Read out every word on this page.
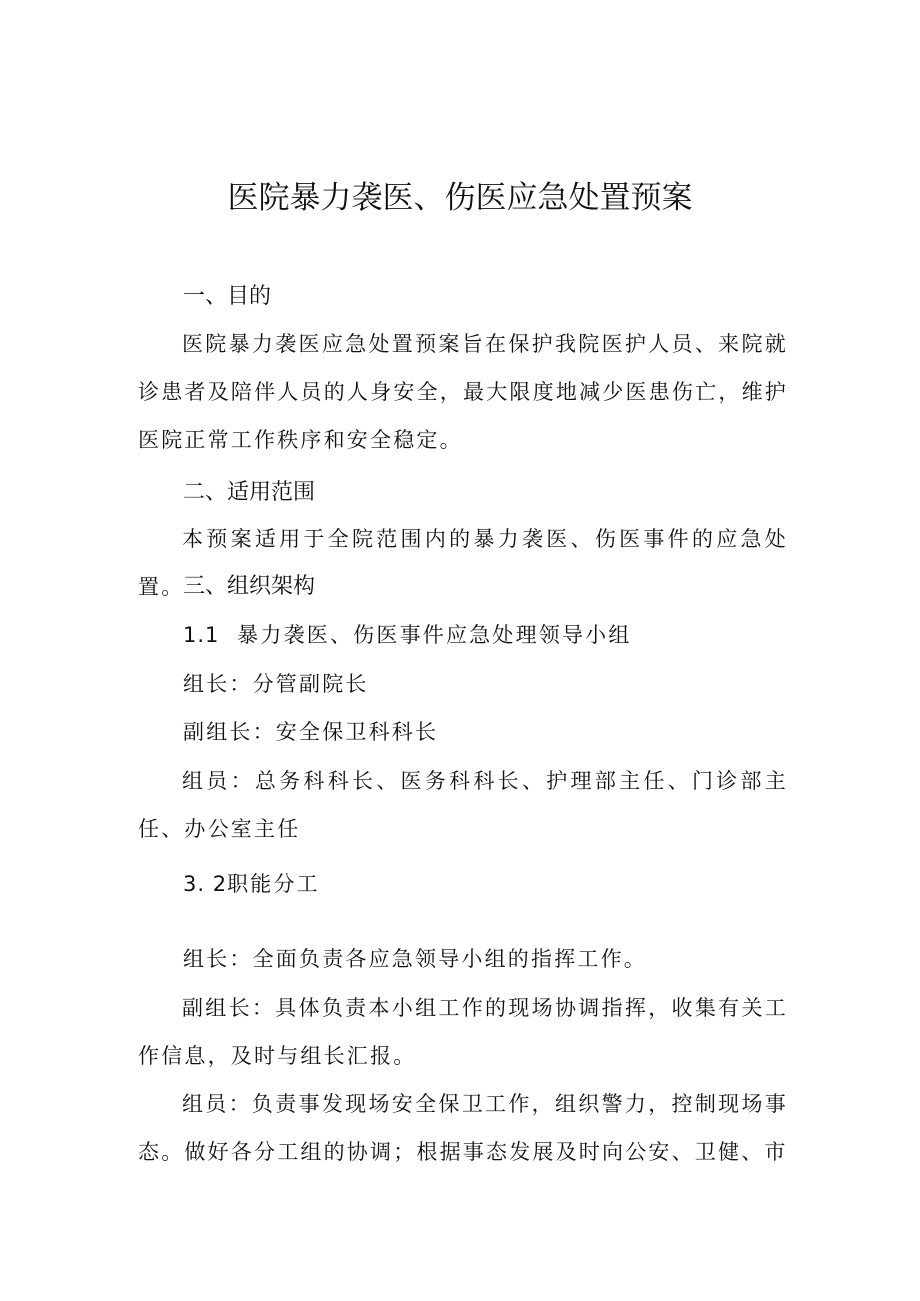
医院暴力袭医、伤医应急处置预案
一、目的
医院暴力袭医应急处置预案旨在保护我院医护人员、来院就诊患者及陪伴人员的人身安全，最大限度地减少医患伤亡，维护医院正常工作秩序和安全稳定。
二、适用范围
本预案适用于全院范围内的暴力袭医、伤医事件的应急处置。
三、组织架构
1.1 暴力袭医、伤医事件应急处理领导小组
组长：分管副院长
副组长：安全保卫科科长
组员：总务科科长、医务科科长、护理部主任、门诊部主任、办公室主任
3. 2职能分工
组长：全面负责各应急领导小组的指挥工作。
副组长：具体负责本小组工作的现场协调指挥，收集有关工作信息，及时与组长汇报。
组员：负责事发现场安全保卫工作，组织警力，控制现场事态。做好各分工组的协调；根据事态发展及时向公安、卫健、市
